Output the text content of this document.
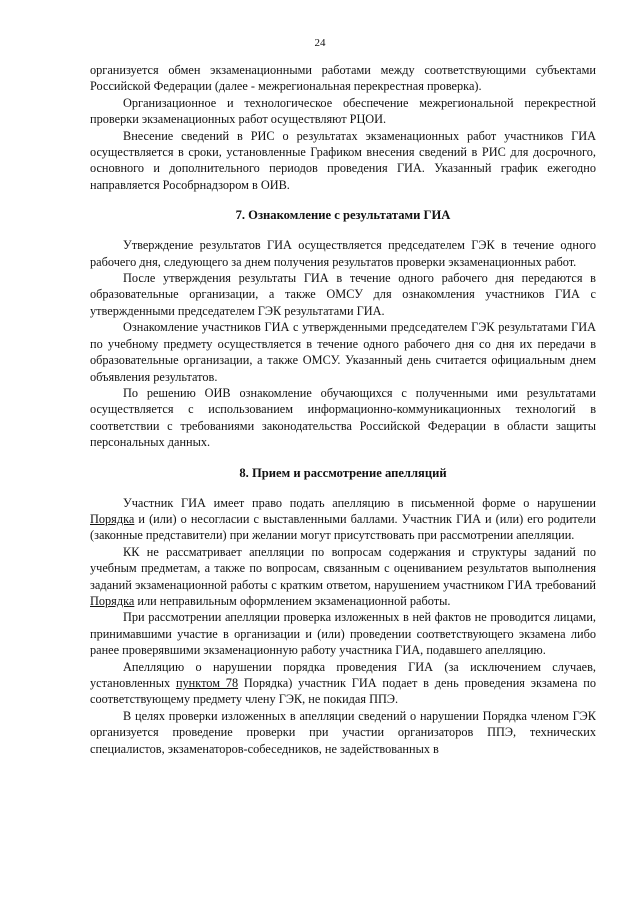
24

организуется обмен экзаменационными работами между соответствующими субъектами Российской Федерации (далее - межрегиональная перекрестная проверка).

Организационное и технологическое обеспечение межрегиональной перекрестной проверки экзаменационных работ осуществляют РЦОИ.

Внесение сведений в РИС о результатах экзаменационных работ участников ГИА осуществляется в сроки, установленные Графиком внесения сведений в РИС для досрочного, основного и дополнительного периодов проведения ГИА. Указанный график ежегодно направляется Рособрнадзором в ОИВ.

7. Ознакомление с результатами ГИА

Утверждение результатов ГИА осуществляется председателем ГЭК в течение одного рабочего дня, следующего за днем получения результатов проверки экзаменационных работ.

После утверждения результаты ГИА в течение одного рабочего дня передаются в образовательные организации, а также ОМСУ для ознакомления участников ГИА с утвержденными председателем ГЭК результатами ГИА.

Ознакомление участников ГИА с утвержденными председателем ГЭК результатами ГИА по учебному предмету осуществляется в течение одного рабочего дня со дня их передачи в образовательные организации, а также ОМСУ. Указанный день считается официальным днем объявления результатов.

По решению ОИВ ознакомление обучающихся с полученными ими результатами осуществляется с использованием информационно-коммуникационных технологий в соответствии с требованиями законодательства Российской Федерации в области защиты персональных данных.

8. Прием и рассмотрение апелляций

Участник ГИА имеет право подать апелляцию в письменной форме о нарушении Порядка и (или) о несогласии с выставленными баллами. Участник ГИА и (или) его родители (законные представители) при желании могут присутствовать при рассмотрении апелляции.

КК не рассматривает апелляции по вопросам содержания и структуры заданий по учебным предметам, а также по вопросам, связанным с оцениванием результатов выполнения заданий экзаменационной работы с кратким ответом, нарушением участником ГИА требований Порядка или неправильным оформлением экзаменационной работы.

При рассмотрении апелляции проверка изложенных в ней фактов не проводится лицами, принимавшими участие в организации и (или) проведении соответствующего экзамена либо ранее проверявшими экзаменационную работу участника ГИА, подавшего апелляцию.

Апелляцию о нарушении порядка проведения ГИА (за исключением случаев, установленных пунктом 78 Порядка) участник ГИА подает в день проведения экзамена по соответствующему предмету члену ГЭК, не покидая ППЭ.

В целях проверки изложенных в апелляции сведений о нарушении Порядка членом ГЭК организуется проведение проверки при участии организаторов ППЭ, технических специалистов, экзаменаторов-собеседников, не задействованных в
